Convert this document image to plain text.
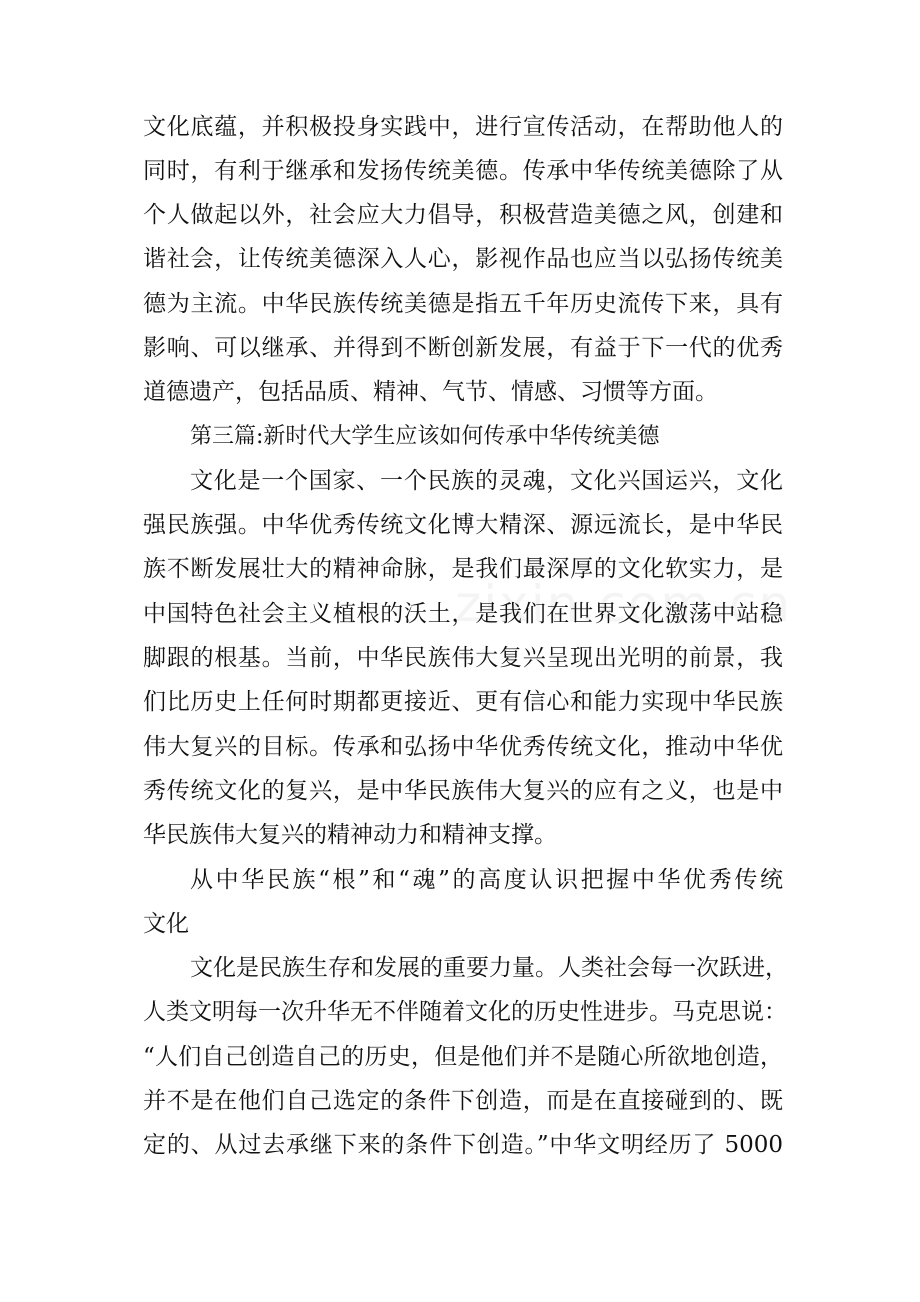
文化底蕴，并积极投身实践中，进行宣传活动，在帮助他人的
同时，有利于继承和发扬传统美德。传承中华传统美德除了从
个人做起以外，社会应大力倡导，积极营造美德之风，创建和
谐社会，让传统美德深入人心，影视作品也应当以弘扬传统美
德为主流。中华民族传统美德是指五千年历史流传下来，具有
影响、可以继承、并得到不断创新发展，有益于下一代的优秀
道德遗产，包括品质、精神、气节、情感、习惯等方面。
第三篇:新时代大学生应该如何传承中华传统美德
文化是一个国家、一个民族的灵魂，文化兴国运兴，文化
强民族强。中华优秀传统文化博大精深、源远流长，是中华民
族不断发展壮大的精神命脉，是我们最深厚的文化软实力，是
中国特色社会主义植根的沃土，是我们在世界文化激荡中站稳
脚跟的根基。当前，中华民族伟大复兴呈现出光明的前景，我
们比历史上任何时期都更接近、更有信心和能力实现中华民族
伟大复兴的目标。传承和弘扬中华优秀传统文化，推动中华优
秀传统文化的复兴，是中华民族伟大复兴的应有之义，也是中
华民族伟大复兴的精神动力和精神支撑。
从中华民族“根”和“魂”的高度认识把握中华优秀传统
文化
文化是民族生存和发展的重要力量。人类社会每一次跃进，
人类文明每一次升华无不伴随着文化的历史性进步。马克思说：
“人们自己创造自己的历史，但是他们并不是随心所欲地创造，
并不是在他们自己选定的条件下创造，而是在直接碰到的、既
定的、从过去承继下来的条件下创造。”中华文明经历了 5000
